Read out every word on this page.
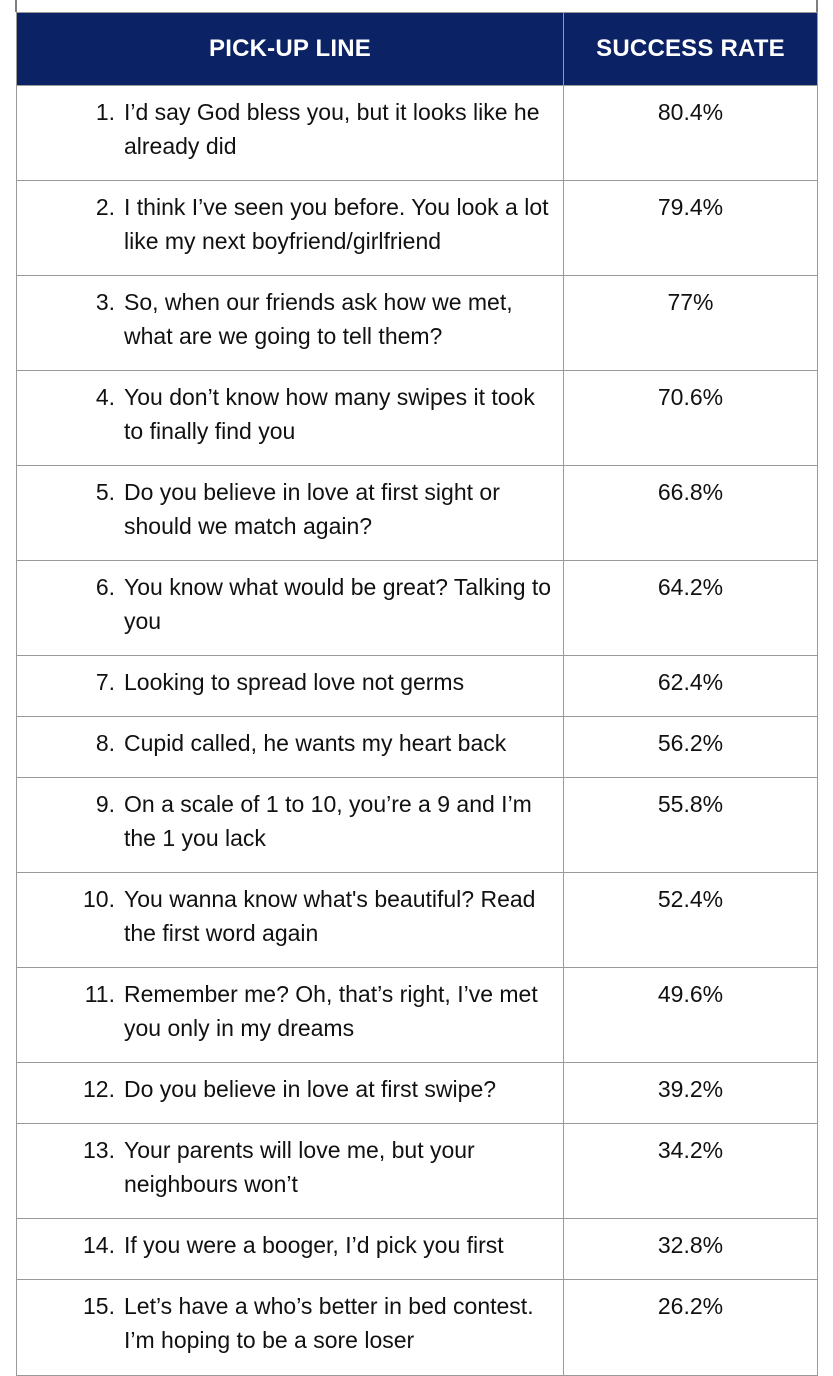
PICK-UP LINE	SUCCESS RATE

1. I’d say God bless you, but it looks like he already did	80.4%

2. I think I’ve seen you before. You look a lot like my next boyfriend/girlfriend	79.4%

3. So, when our friends ask how we met, what are we going to tell them?	77%

4. You don’t know how many swipes it took to finally find you	70.6%

5. Do you believe in love at first sight or should we match again?	66.8%

6. You know what would be great? Talking to you	64.2%

7. Looking to spread love not germs	62.4%

8. Cupid called, he wants my heart back	56.2%

9. On a scale of 1 to 10, you’re a 9 and I’m the 1 you lack	55.8%

10. You wanna know what's beautiful? Read the first word again	52.4%

11. Remember me? Oh, that’s right, I’ve met you only in my dreams	49.6%

12. Do you believe in love at first swipe?	39.2%

13. Your parents will love me, but your neighbours won’t	34.2%

14. If you were a booger, I’d pick you first	32.8%

15. Let’s have a who’s better in bed contest. I’m hoping to be a sore loser	26.2%
